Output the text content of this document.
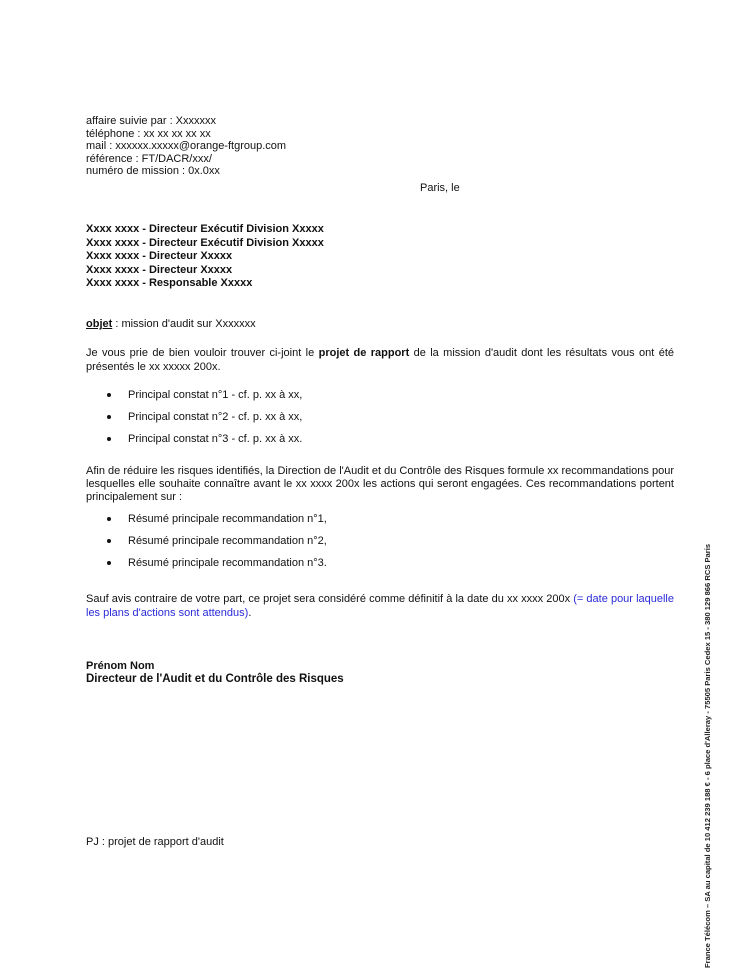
affaire suivie par : Xxxxxxx
téléphone : xx xx xx xx xx
mail : xxxxxx.xxxxx@orange-ftgroup.com
référence : FT/DACR/xxx/
numéro de mission : 0x.0xx
Paris, le
Xxxx xxxx - Directeur Exécutif Division Xxxxx
Xxxx xxxx - Directeur Exécutif Division Xxxxx
Xxxx xxxx - Directeur Xxxxx
Xxxx xxxx - Directeur Xxxxx
Xxxx xxxx - Responsable Xxxxx
objet : mission d'audit sur Xxxxxxx
Je vous prie de bien vouloir trouver ci-joint le projet de rapport de la mission d'audit dont les résultats vous ont été présentés le xx xxxxx 200x.
Principal constat n°1 - cf. p. xx à xx,
Principal constat n°2 - cf. p. xx à xx,
Principal constat n°3 - cf. p. xx à xx.
Afin de réduire les risques identifiés, la Direction de l'Audit et du Contrôle des Risques formule xx recommandations pour lesquelles elle souhaite connaître avant le xx xxxx 200x les actions qui seront engagées. Ces recommandations portent principalement sur :
Résumé principale recommandation n°1,
Résumé principale recommandation n°2,
Résumé principale recommandation n°3.
Sauf avis contraire de votre part, ce projet sera considéré comme définitif à la date du xx xxxx 200x (= date pour laquelle les plans d'actions sont attendus).
Prénom Nom
Directeur de l'Audit et du Contrôle des Risques
PJ : projet de rapport d'audit	France Télécom – SA au capital de 10 412 239 188 € - 6 place d'Alleray - 75505 Paris Cedex 15 - 380 129 866 RCS Paris
